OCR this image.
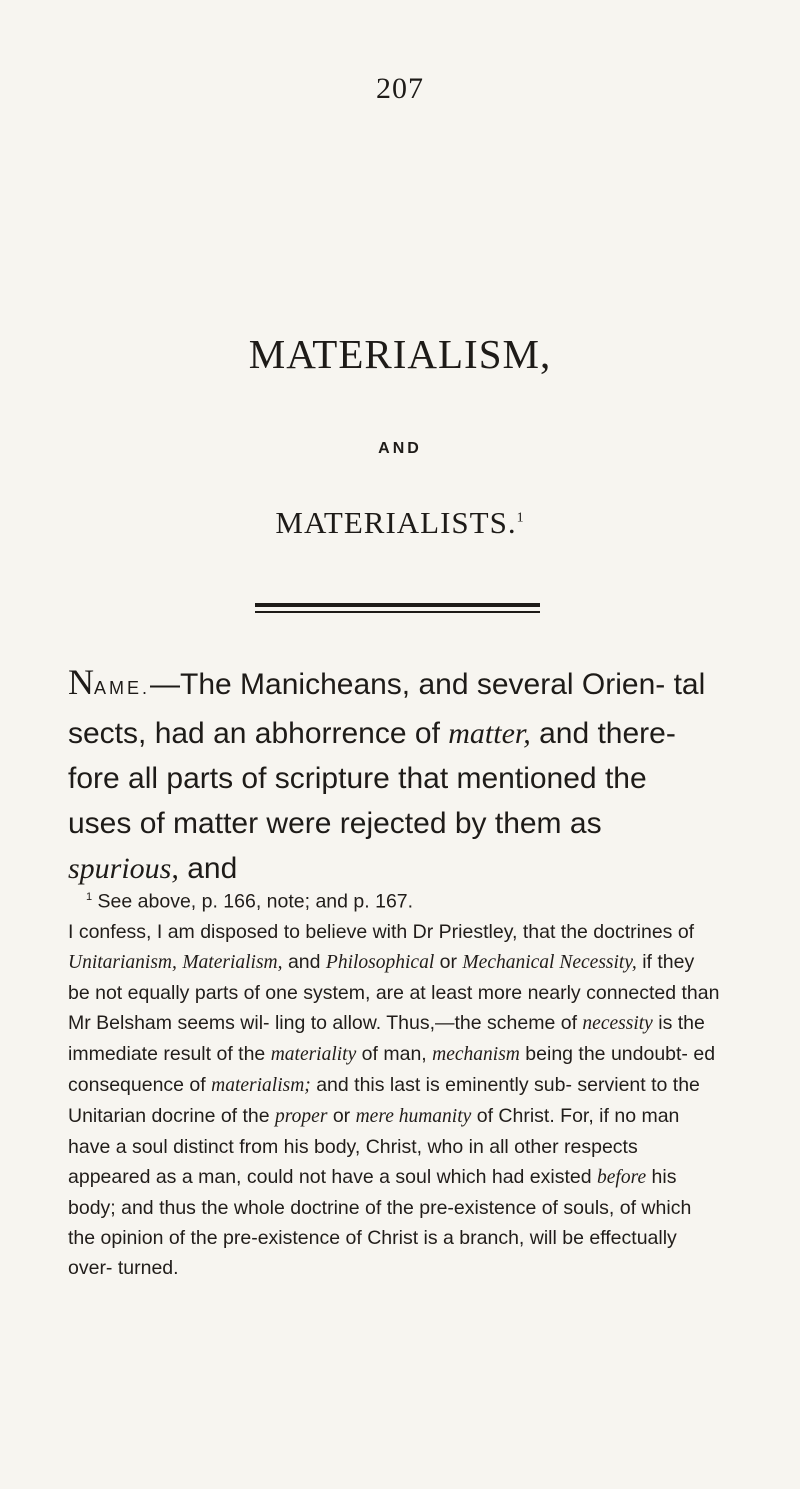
207
MATERIALISM,
AND
MATERIALISTS.$^1$
NAME.—The Manicheans, and several Orien- tal sects, had an abhorrence of matter, and there- fore all parts of scripture that mentioned the uses of matter were rejected by them as spurious, and

$^1$ See above, p. 166, note; and p. 167.

I confess, I am disposed to believe with Dr Priestley, that the doctrines of Unitarianism, Materialism, and Philosophical or Mechanical Necessity, if they be not equally parts of one system, are at least more nearly connected than Mr Belsham seems wil- ling to allow. Thus,—the scheme of necessity is the immediate result of the materiality of man, mechanism being the undoubt- ed consequence of materialism; and this last is eminently sub- servient to the Unitarian docrine of the proper or mere humanity of Christ. For, if no man have a soul distinct from his body, Christ, who in all other respects appeared as a man, could not have a soul which had existed before his body; and thus the whole doctrine of the pre-existence of souls, of which the opinion of the pre-existence of Christ is a branch, will be effectually over- turned.
